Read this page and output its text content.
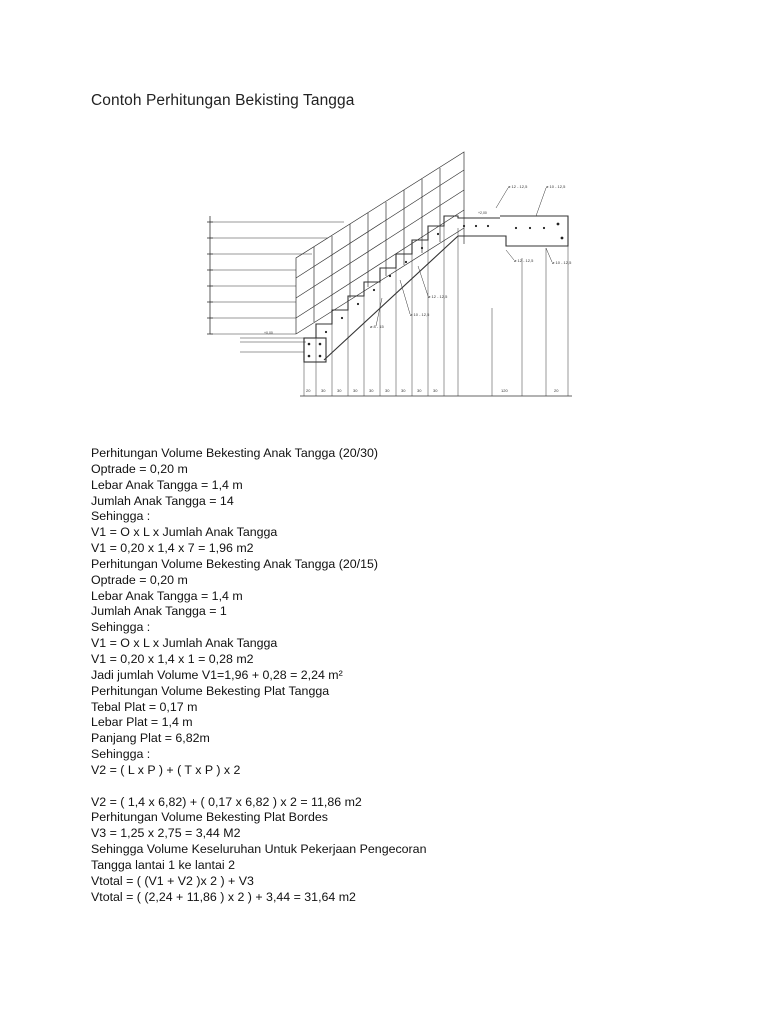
Contoh Perhitungan Bekisting Tangga
20	30	30	30	30	30	30	30	30	120	20
ø 12 - 12,5	ø 10 - 12,5
ø 12 - 12,5	ø 10 - 12,5
ø 12 - 12,5
ø 10 - 12,5
ø 8 - 15
+0,00
+2,00
Perhitungan Volume Bekesting Anak Tangga (20/30)
Optrade = 0,20 m
Lebar Anak Tangga = 1,4 m
Jumlah Anak Tangga = 14
Sehingga :
V1 = O x L x Jumlah Anak Tangga
V1 = 0,20 x 1,4 x 7 = 1,96 m2
Perhitungan Volume Bekesting Anak Tangga (20/15)
Optrade = 0,20 m
Lebar Anak Tangga = 1,4 m
Jumlah Anak Tangga = 1
Sehingga :
V1 = O x L x Jumlah Anak Tangga
V1 = 0,20 x 1,4 x 1 = 0,28 m2
Jadi jumlah Volume V1=1,96 + 0,28 = 2,24 m²
Perhitungan Volume Bekesting Plat Tangga
Tebal Plat = 0,17 m
Lebar Plat = 1,4 m
Panjang Plat = 6,82m
Sehingga :
V2 = ( L x P ) + ( T x P ) x 2
V2 = ( 1,4 x 6,82) + ( 0,17 x 6,82 ) x 2 = 11,86 m2
Perhitungan Volume Bekesting Plat Bordes
V3 = 1,25 x 2,75 = 3,44 M2
Sehingga Volume Keseluruhan Untuk Pekerjaan Pengecoran
Tangga lantai 1 ke lantai 2
Vtotal = ( (V1 + V2 )x 2 ) + V3
Vtotal = ( (2,24 + 11,86 ) x 2 ) + 3,44 = 31,64 m2
